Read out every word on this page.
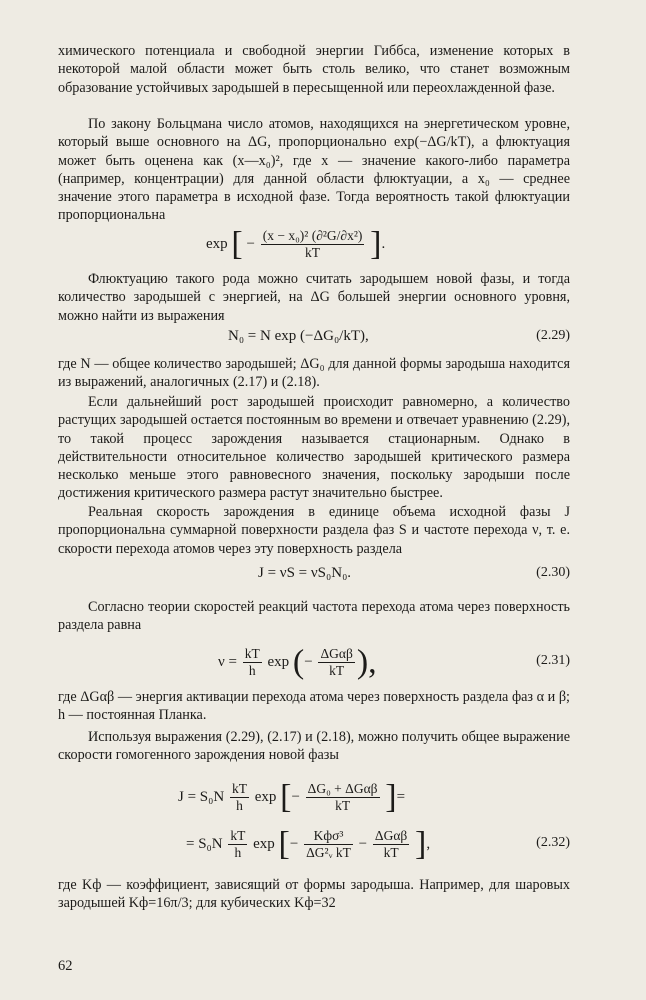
химического потенциала и свободной энергии Гиббса, изменение которых в некоторой малой области может быть столь велико, что станет возможным образование устойчивых зародышей в пересыщенной или переохлажденной фазе.

По закону Больцмана число атомов, находящихся на энергетическом уровне, который выше основного на ΔG, пропорционально exp(−ΔG/kT), а флюктуация может быть оценена как (x—x₀)², где x — значение какого-либо параметра (например, концентрации) для данной области флюктуации, а x₀ — среднее значение этого параметра в исходной фазе. Тогда вероятность такой флюктуации пропорциональна

exp [ − $\frac{\text{(x − x₀)² (∂²G/∂x²)}}{kT}$ ].

Флюктуацию такого рода можно считать зародышем новой фазы, и тогда количество зародышей с энергией, на ΔG большей энергии основного уровня, можно найти из выражения

N₀ = N exp (−ΔG₀/kT),	(2.29)

где N — общее количество зародышей; ΔG₀ для данной формы зародыша находится из выражений, аналогичных (2.17) и (2.18).

Если дальнейший рост зародышей происходит равномерно, а количество растущих зародышей остается постоянным во времени и отвечает уравнению (2.29), то такой процесс зарождения называется стационарным. Однако в действительности относительное количество зародышей критического размера несколько меньше этого равновесного значения, поскольку зародыши после достижения критического размера растут значительно быстрее.

Реальная скорость зарождения в единице объема исходной фазы J пропорциональна суммарной поверхности раздела фаз S и частоте перехода ν, т. е. скорости перехода атомов через эту поверхность раздела

J = νS = νS₀N₀.	(2.30)

Согласно теории скоростей реакций частота перехода атома через поверхность раздела равна

$\nu = \frac{kT}{h}$ exp (− $\frac{\text{ΔGαβ}}{kT}$ ),	(2.31)

где ΔGαβ — энергия активации перехода атома через поверхность раздела фаз α и β; h — постоянная Планка.

Используя выражения (2.29), (2.17) и (2.18), можно получить общее выражение скорости гомогенного зарождения новой фазы

$J = S_0N \frac{kT}{h}$ exp [− $\frac{\text{ΔG₀ + ΔGαβ}}{kT}$ ]=
= $S_0N \frac{kT}{h}$ exp [− $\frac{\text{Kфσ³}}{\text{ΔG²ᵥ kT}} - \frac{\text{ΔGαβ}}{kT}$ ],	(2.32)

где Kф — коэффициент, зависящий от формы зародыша. Например, для шаровых зародышей Kф=16π/3; для кубических Kф=32

62
